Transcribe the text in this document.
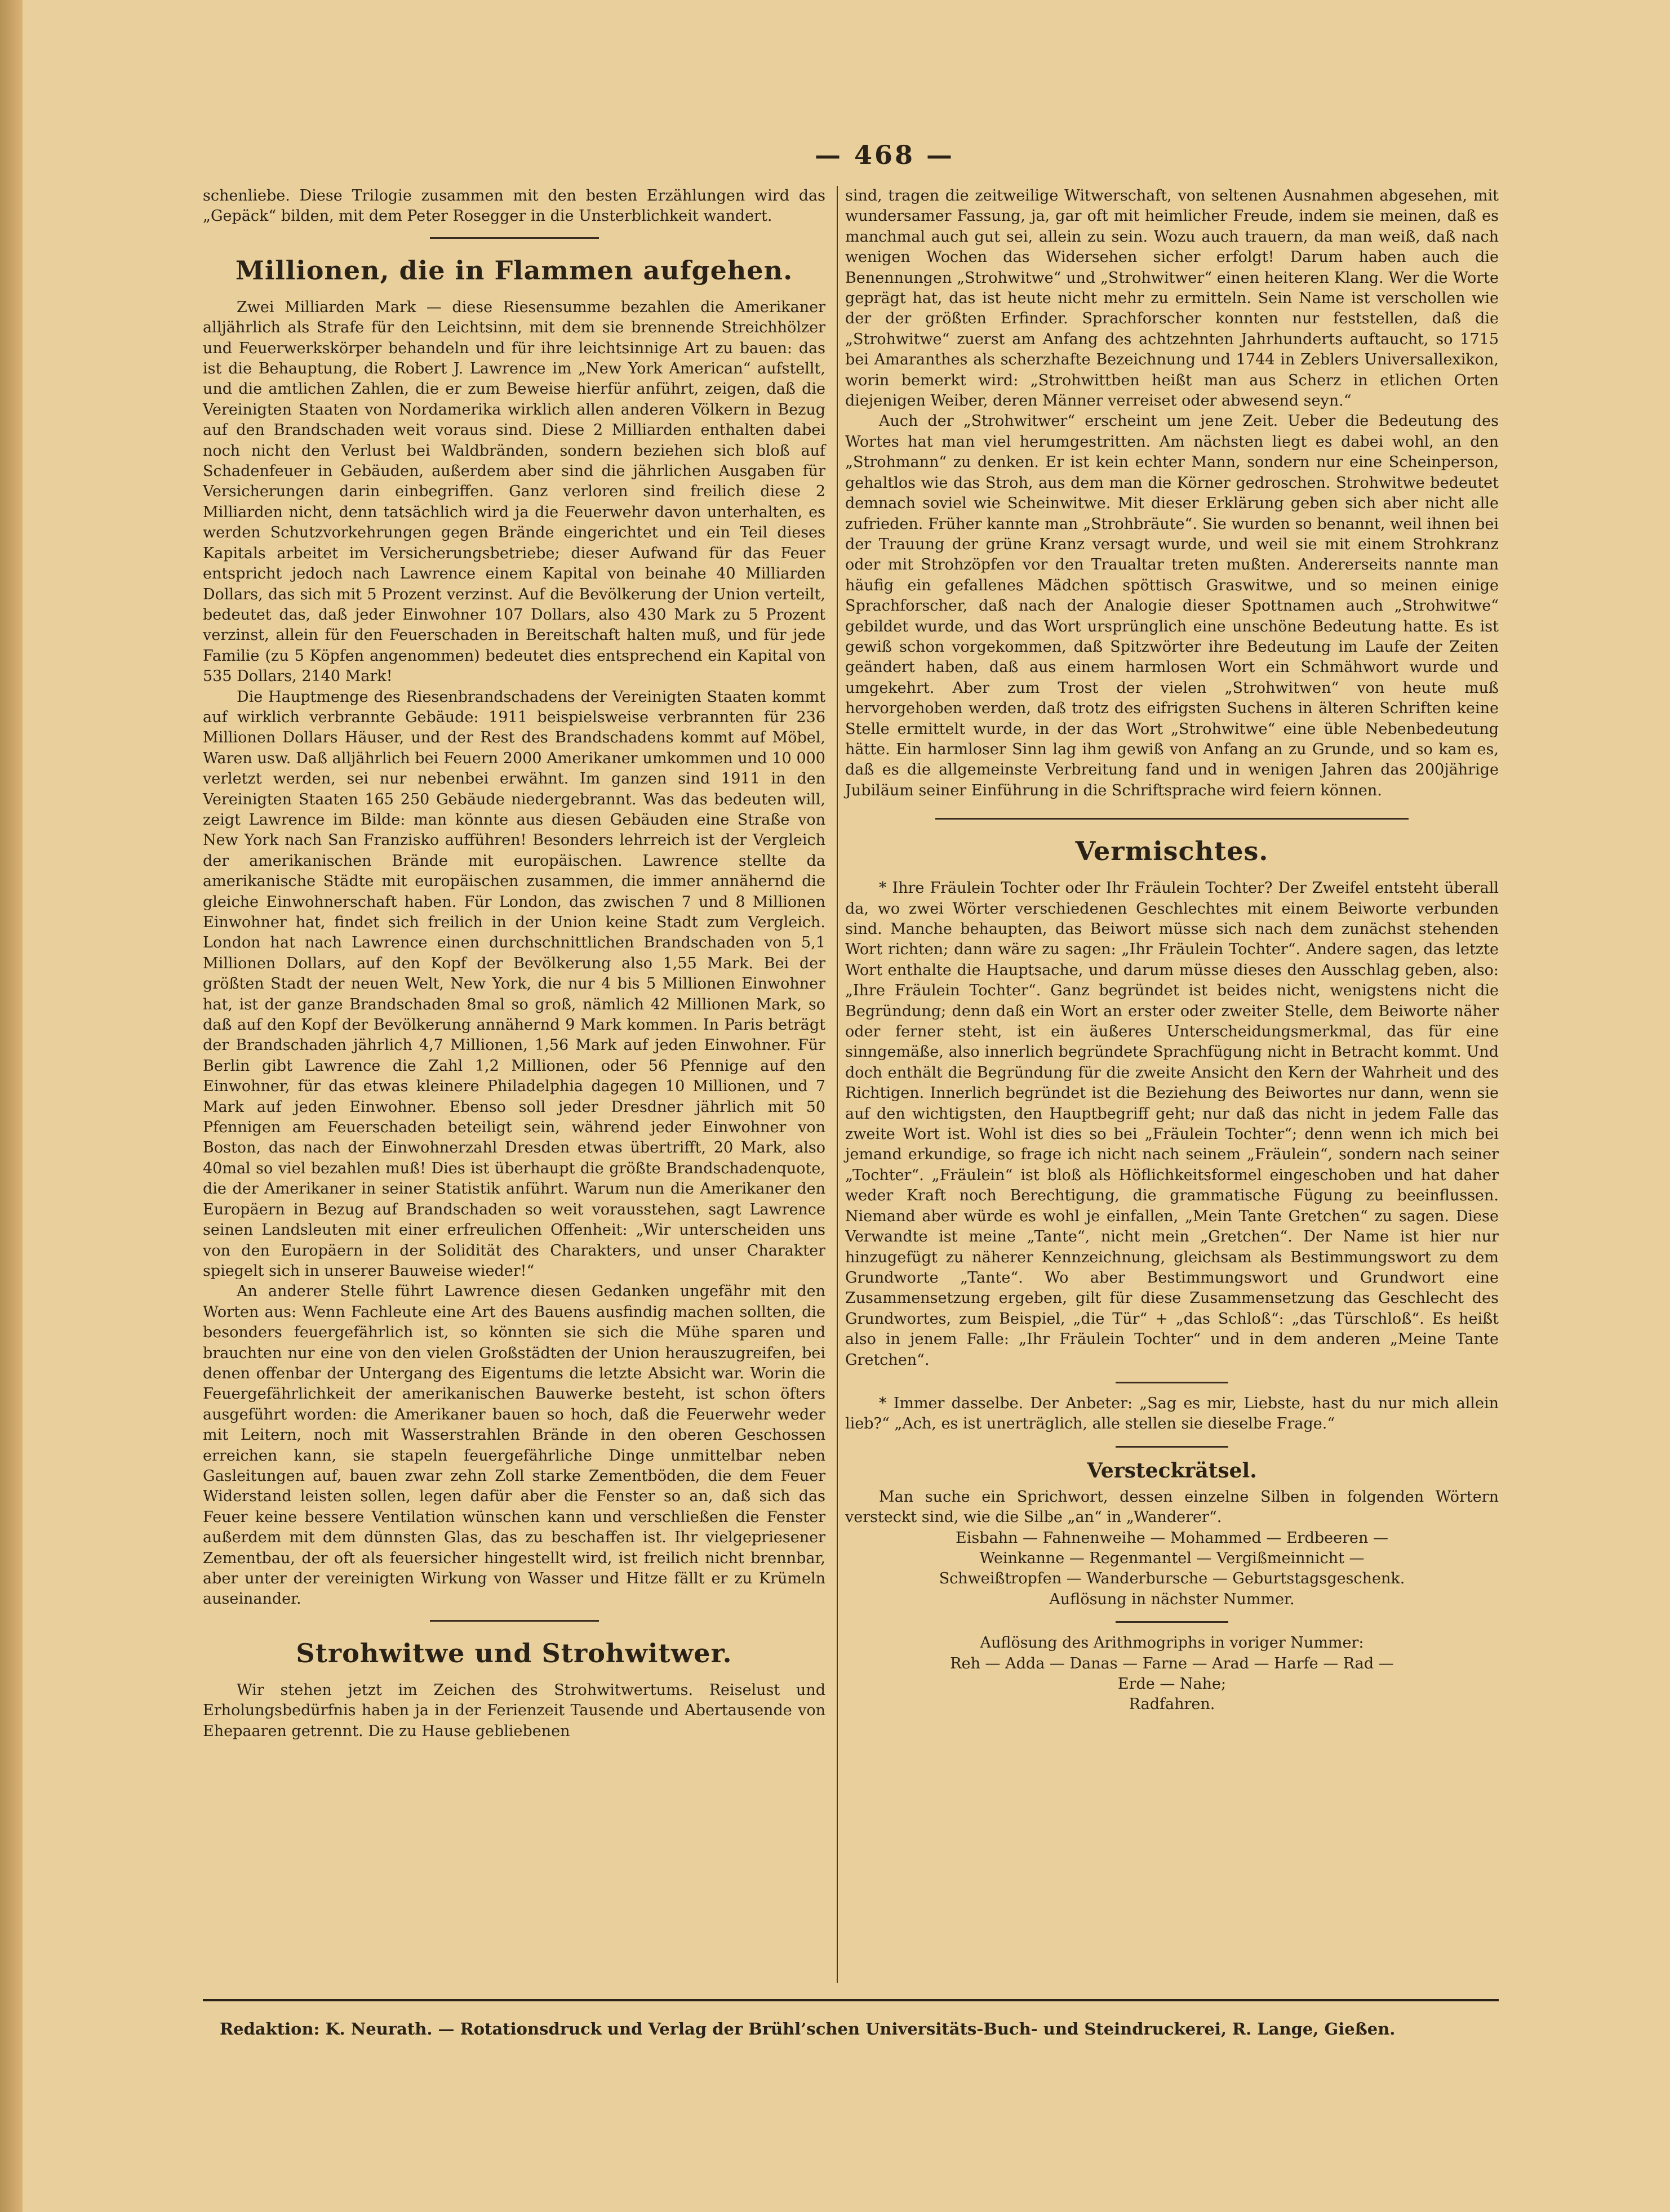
— 468 —

schenliebe. Diese Trilogie zusammen mit den besten Erzählungen wird das „Gepäck“ bilden, mit dem Peter Rosegger in die Unsterblichkeit wandert.

Millionen, die in Flammen aufgehen.

Zwei Milliarden Mark — diese Riesensumme bezahlen die Amerikaner alljährlich als Strafe für den Leichtsinn, mit dem sie brennende Streichhölzer und Feuerwerkskörper behandeln und für ihre leichtsinnige Art zu bauen: das ist die Behauptung, die Robert J. Lawrence im „New York American“ aufstellt, und die amtlichen Zahlen, die er zum Beweise hierfür anführt, zeigen, daß die Vereinigten Staaten von Nordamerika wirklich allen anderen Völkern in Bezug auf den Brandschaden weit voraus sind. Diese 2 Milliarden enthalten dabei noch nicht den Verlust bei Waldbränden, sondern beziehen sich bloß auf Schadenfeuer in Gebäuden, außerdem aber sind die jährlichen Ausgaben für Versicherungen darin einbegriffen. Ganz verloren sind freilich diese 2 Milliarden nicht, denn tatsächlich wird ja die Feuerwehr davon unterhalten, es werden Schutzvorkehrungen gegen Brände eingerichtet und ein Teil dieses Kapitals arbeitet im Versicherungsbetriebe; dieser Aufwand für das Feuer entspricht jedoch nach Lawrence einem Kapital von beinahe 40 Milliarden Dollars, das sich mit 5 Prozent verzinst. Auf die Bevölkerung der Union verteilt, bedeutet das, daß jeder Einwohner 107 Dollars, also 430 Mark zu 5 Prozent verzinst, allein für den Feuerschaden in Bereitschaft halten muß, und für jede Familie (zu 5 Köpfen angenommen) bedeutet dies entsprechend ein Kapital von 535 Dollars, 2140 Mark!

Die Hauptmenge des Riesenbrandschadens der Vereinigten Staaten kommt auf wirklich verbrannte Gebäude: 1911 beispielsweise verbrannten für 236 Millionen Dollars Häuser, und der Rest des Brandschadens kommt auf Möbel, Waren usw. Daß alljährlich bei Feuern 2000 Amerikaner umkommen und 10 000 verletzt werden, sei nur nebenbei erwähnt. Im ganzen sind 1911 in den Vereinigten Staaten 165 250 Gebäude niedergebrannt. Was das bedeuten will, zeigt Lawrence im Bilde: man könnte aus diesen Gebäuden eine Straße von New York nach San Franzisko aufführen! Besonders lehrreich ist der Vergleich der amerikanischen Brände mit europäischen. Lawrence stellte da amerikanische Städte mit europäischen zusammen, die immer annähernd die gleiche Einwohnerschaft haben. Für London, das zwischen 7 und 8 Millionen Einwohner hat, findet sich freilich in der Union keine Stadt zum Vergleich. London hat nach Lawrence einen durchschnittlichen Brandschaden von 5,1 Millionen Dollars, auf den Kopf der Bevölkerung also 1,55 Mark. Bei der größten Stadt der neuen Welt, New York, die nur 4 bis 5 Millionen Einwohner hat, ist der ganze Brandschaden 8mal so groß, nämlich 42 Millionen Mark, so daß auf den Kopf der Bevölkerung annähernd 9 Mark kommen. In Paris beträgt der Brandschaden jährlich 4,7 Millionen, 1,56 Mark auf jeden Einwohner. Für Berlin gibt Lawrence die Zahl 1,2 Millionen, oder 56 Pfennige auf den Einwohner, für das etwas kleinere Philadelphia dagegen 10 Millionen, und 7 Mark auf jeden Einwohner. Ebenso soll jeder Dresdner jährlich mit 50 Pfennigen am Feuerschaden beteiligt sein, während jeder Einwohner von Boston, das nach der Einwohnerzahl Dresden etwas übertrifft, 20 Mark, also 40mal so viel bezahlen muß! Dies ist überhaupt die größte Brandschadenquote, die der Amerikaner in seiner Statistik anführt. Warum nun die Amerikaner den Europäern in Bezug auf Brandschaden so weit vorausstehen, sagt Lawrence seinen Landsleuten mit einer erfreulichen Offenheit: „Wir unterscheiden uns von den Europäern in der Solidität des Charakters, und unser Charakter spiegelt sich in unserer Bauweise wieder!“

An anderer Stelle führt Lawrence diesen Gedanken ungefähr mit den Worten aus: Wenn Fachleute eine Art des Bauens ausfindig machen sollten, die besonders feuergefährlich ist, so könnten sie sich die Mühe sparen und brauchten nur eine von den vielen Großstädten der Union herauszugreifen, bei denen offenbar der Untergang des Eigentums die letzte Absicht war. Worin die Feuergefährlichkeit der amerikanischen Bauwerke besteht, ist schon öfters ausgeführt worden: die Amerikaner bauen so hoch, daß die Feuerwehr weder mit Leitern, noch mit Wasserstrahlen Brände in den oberen Geschossen erreichen kann, sie stapeln feuergefährliche Dinge unmittelbar neben Gasleitungen auf, bauen zwar zehn Zoll starke Zementböden, die dem Feuer Widerstand leisten sollen, legen dafür aber die Fenster so an, daß sich das Feuer keine bessere Ventilation wünschen kann und verschließen die Fenster außerdem mit dem dünnsten Glas, das zu beschaffen ist. Ihr vielgepriesener Zementbau, der oft als feuersicher hingestellt wird, ist freilich nicht brennbar, aber unter der vereinigten Wirkung von Wasser und Hitze fällt er zu Krümeln auseinander.

Strohwitwe und Strohwitwer.

Wir stehen jetzt im Zeichen des Strohwitwertums. Reiselust und Erholungsbedürfnis haben ja in der Ferienzeit Tausende und Abertausende von Ehepaaren getrennt. Die zu Hause gebliebenen

sind, tragen die zeitweilige Witwerschaft, von seltenen Ausnahmen abgesehen, mit wundersamer Fassung, ja, gar oft mit heimlicher Freude, indem sie meinen, daß es manchmal auch gut sei, allein zu sein. Wozu auch trauern, da man weiß, daß nach wenigen Wochen das Widersehen sicher erfolgt! Darum haben auch die Benennungen „Strohwitwe“ und „Strohwitwer“ einen heiteren Klang. Wer die Worte geprägt hat, das ist heute nicht mehr zu ermitteln. Sein Name ist verschollen wie der der größten Erfinder. Sprachforscher konnten nur feststellen, daß die „Strohwitwe“ zuerst am Anfang des achtzehnten Jahrhunderts auftaucht, so 1715 bei Amaranthes als scherzhafte Bezeichnung und 1744 in Zeblers Universallexikon, worin bemerkt wird: „Strohwittben heißt man aus Scherz in etlichen Orten diejenigen Weiber, deren Männer verreiset oder abwesend seyn.“

Auch der „Strohwitwer“ erscheint um jene Zeit. Ueber die Bedeutung des Wortes hat man viel herumgestritten. Am nächsten liegt es dabei wohl, an den „Strohmann“ zu denken. Er ist kein echter Mann, sondern nur eine Scheinperson, gehaltlos wie das Stroh, aus dem man die Körner gedroschen. Strohwitwe bedeutet demnach soviel wie Scheinwitwe. Mit dieser Erklärung geben sich aber nicht alle zufrieden. Früher kannte man „Strohbräute“. Sie wurden so benannt, weil ihnen bei der Trauung der grüne Kranz versagt wurde, und weil sie mit einem Strohkranz oder mit Strohzöpfen vor den Traualtar treten mußten. Andererseits nannte man häufig ein gefallenes Mädchen spöttisch Graswitwe, und so meinen einige Sprachforscher, daß nach der Analogie dieser Spottnamen auch „Strohwitwe“ gebildet wurde, und das Wort ursprünglich eine unschöne Bedeutung hatte. Es ist gewiß schon vorgekommen, daß Spitzwörter ihre Bedeutung im Laufe der Zeiten geändert haben, daß aus einem harmlosen Wort ein Schmähwort wurde und umgekehrt. Aber zum Trost der vielen „Strohwitwen“ von heute muß hervorgehoben werden, daß trotz des eifrigsten Suchens in älteren Schriften keine Stelle ermittelt wurde, in der das Wort „Strohwitwe“ eine üble Nebenbedeutung hätte. Ein harmloser Sinn lag ihm gewiß von Anfang an zu Grunde, und so kam es, daß es die allgemeinste Verbreitung fand und in wenigen Jahren das 200jährige Jubiläum seiner Einführung in die Schriftsprache wird feiern können.

Vermischtes.

* Ihre Fräulein Tochter oder Ihr Fräulein Tochter? Der Zweifel entsteht überall da, wo zwei Wörter verschiedenen Geschlechtes mit einem Beiworte verbunden sind. Manche behaupten, das Beiwort müsse sich nach dem zunächst stehenden Wort richten; dann wäre zu sagen: „Ihr Fräulein Tochter“. Andere sagen, das letzte Wort enthalte die Hauptsache, und darum müsse dieses den Ausschlag geben, also: „Ihre Fräulein Tochter“. Ganz begründet ist beides nicht, wenigstens nicht die Begründung; denn daß ein Wort an erster oder zweiter Stelle, dem Beiworte näher oder ferner steht, ist ein äußeres Unterscheidungsmerkmal, das für eine sinngemäße, also innerlich begründete Sprachfügung nicht in Betracht kommt. Und doch enthält die Begründung für die zweite Ansicht den Kern der Wahrheit und des Richtigen. Innerlich begründet ist die Beziehung des Beiwortes nur dann, wenn sie auf den wichtigsten, den Hauptbegriff geht; nur daß das nicht in jedem Falle das zweite Wort ist. Wohl ist dies so bei „Fräulein Tochter“; denn wenn ich mich bei jemand erkundige, so frage ich nicht nach seinem „Fräulein“, sondern nach seiner „Tochter“. „Fräulein“ ist bloß als Höflichkeitsformel eingeschoben und hat daher weder Kraft noch Berechtigung, die grammatische Fügung zu beeinflussen. Niemand aber würde es wohl je einfallen, „Mein Tante Gretchen“ zu sagen. Diese Verwandte ist meine „Tante“, nicht mein „Gretchen“. Der Name ist hier nur hinzugefügt zu näherer Kennzeichnung, gleichsam als Bestimmungswort zu dem Grundworte „Tante“. Wo aber Bestimmungswort und Grundwort eine Zusammensetzung ergeben, gilt für diese Zusammensetzung das Geschlecht des Grundwortes, zum Beispiel, „die Tür“ + „das Schloß“: „das Türschloß“. Es heißt also in jenem Falle: „Ihr Fräulein Tochter“ und in dem anderen „Meine Tante Gretchen“.

* Immer dasselbe. Der Anbeter: „Sag es mir, Liebste, hast du nur mich allein lieb?“ „Ach, es ist unerträglich, alle stellen sie dieselbe Frage.“

Versteckrätsel.

Man suche ein Sprichwort, dessen einzelne Silben in folgenden Wörtern versteckt sind, wie die Silbe „an“ in „Wanderer“.

Eisbahn — Fahnenweihe — Mohammed — Erdbeeren —

Weinkanne — Regenmantel — Vergißmeinnicht —

Schweißtropfen — Wanderbursche — Geburtstagsgeschenk.

Auflösung in nächster Nummer.

Auflösung des Arithmogriphs in voriger Nummer:

Reh — Adda — Danas — Farne — Arad — Harfe — Rad —

Erde — Nahe;

Radfahren.

Redaktion: K. Neurath. — Rotationsdruck und Verlag der Brühl’schen Universitäts-Buch- und Steindruckerei, R. Lange, Gießen.
